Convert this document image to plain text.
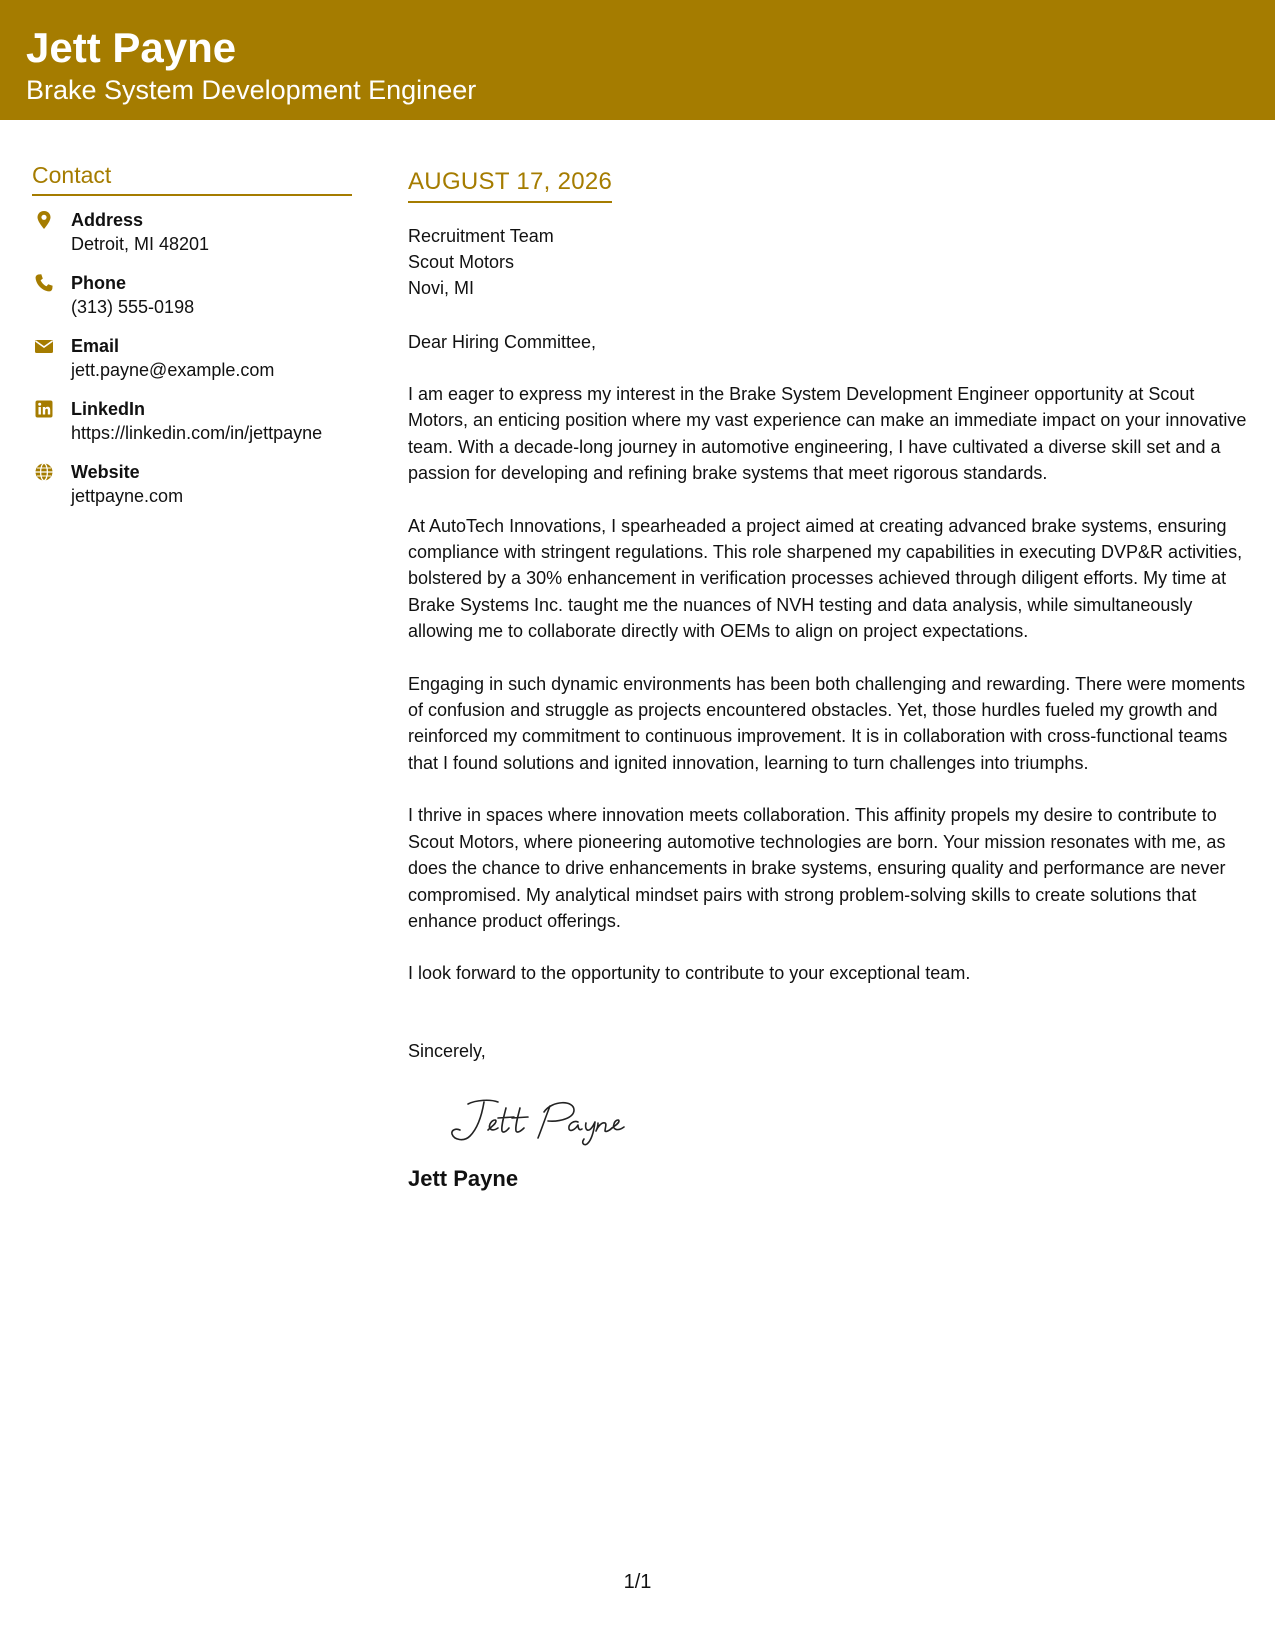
Jett Payne
Brake System Development Engineer
Contact
Address
Detroit, MI 48201
Phone
(313) 555-0198
Email
jett.payne@example.com
LinkedIn
https://linkedin.com/in/jettpayne
Website
jettpayne.com
AUGUST 17, 2026
Recruitment Team
Scout Motors
Novi, MI
Dear Hiring Committee,

I am eager to express my interest in the Brake System Development Engineer opportunity at Scout Motors, an enticing position where my vast experience can make an immediate impact on your innovative team. With a decade-long journey in automotive engineering, I have cultivated a diverse skill set and a passion for developing and refining brake systems that meet rigorous standards.

At AutoTech Innovations, I spearheaded a project aimed at creating advanced brake systems, ensuring compliance with stringent regulations. This role sharpened my capabilities in executing DVP&R activities, bolstered by a 30% enhancement in verification processes achieved through diligent efforts. My time at Brake Systems Inc. taught me the nuances of NVH testing and data analysis, while simultaneously allowing me to collaborate directly with OEMs to align on project expectations.

Engaging in such dynamic environments has been both challenging and rewarding. There were moments of confusion and struggle as projects encountered obstacles. Yet, those hurdles fueled my growth and reinforced my commitment to continuous improvement. It is in collaboration with cross-functional teams that I found solutions and ignited innovation, learning to turn challenges into triumphs.

I thrive in spaces where innovation meets collaboration. This affinity propels my desire to contribute to Scout Motors, where pioneering automotive technologies are born. Your mission resonates with me, as does the chance to drive enhancements in brake systems, ensuring quality and performance are never compromised. My analytical mindset pairs with strong problem-solving skills to create solutions that enhance product offerings.

I look forward to the opportunity to contribute to your exceptional team.
Sincerely,
Jett Payne
1/1
